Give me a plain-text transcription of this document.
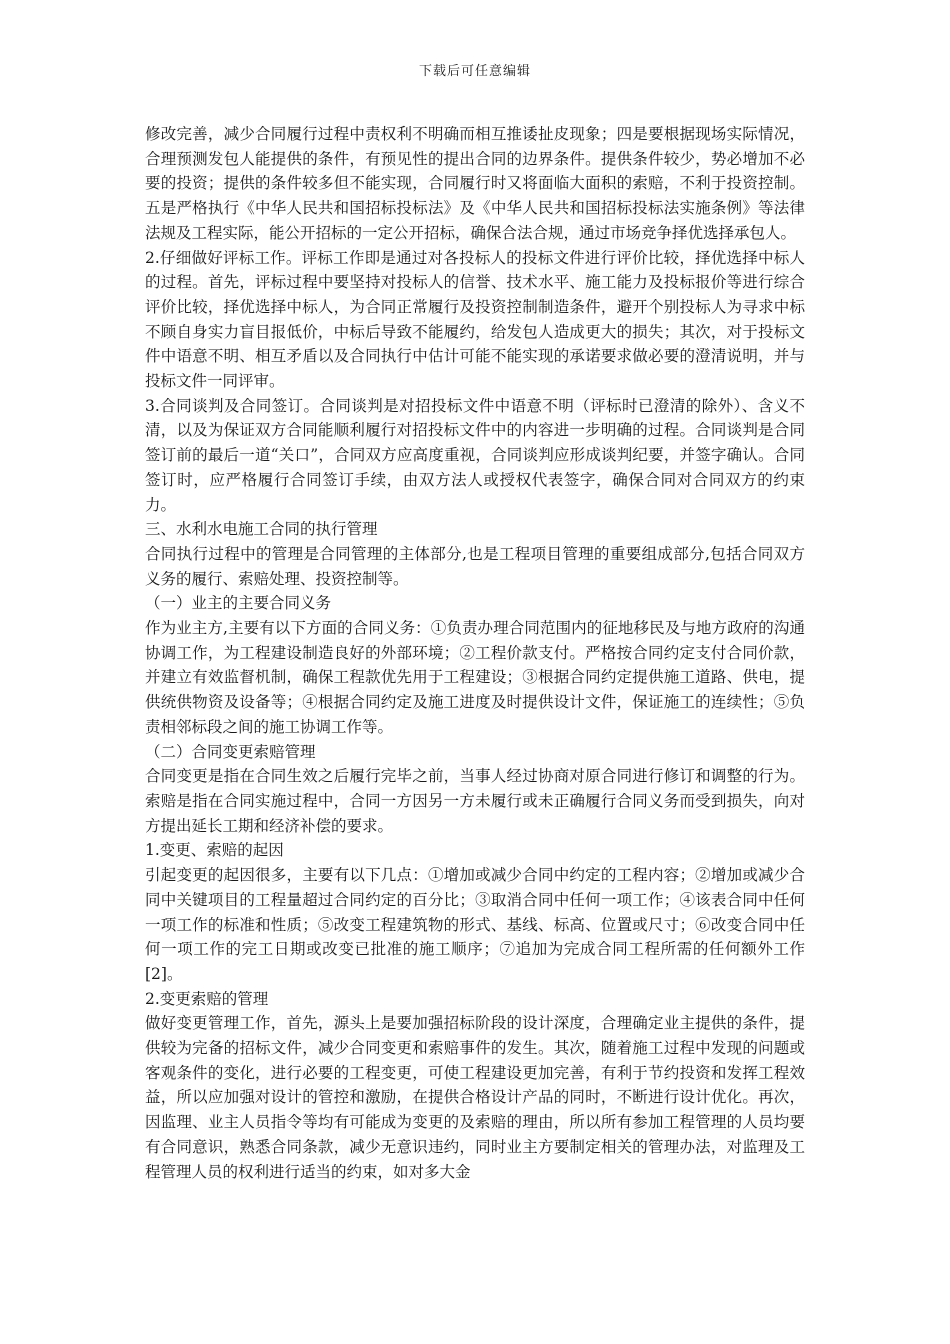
下载后可任意编辑

修改完善，减少合同履行过程中责权利不明确而相互推诿扯皮现象；四是要根据现场实际情况，合理预测发包人能提供的条件，有预见性的提出合同的边界条件。提供条件较少，势必增加不必要的投资；提供的条件较多但不能实现，合同履行时又将面临大面积的索赔，不利于投资控制。五是严格执行《中华人民共和国招标投标法》及《中华人民共和国招标投标法实施条例》等法律法规及工程实际，能公开招标的一定公开招标，确保合法合规，通过市场竞争择优选择承包人。

2.仔细做好评标工作。评标工作即是通过对各投标人的投标文件进行评价比较，择优选择中标人的过程。首先，评标过程中要坚持对投标人的信誉、技术水平、施工能力及投标报价等进行综合评价比较，择优选择中标人，为合同正常履行及投资控制制造条件，避开个别投标人为寻求中标不顾自身实力盲目报低价，中标后导致不能履约，给发包人造成更大的损失；其次，对于投标文件中语意不明、相互矛盾以及合同执行中估计可能不能实现的承诺要求做必要的澄清说明，并与投标文件一同评审。

3.合同谈判及合同签订。合同谈判是对招投标文件中语意不明（评标时已澄清的除外）、含义不清，以及为保证双方合同能顺利履行对招投标文件中的内容进一步明确的过程。合同谈判是合同签订前的最后一道“关口”，合同双方应高度重视，合同谈判应形成谈判纪要，并签字确认。合同签订时，应严格履行合同签订手续，由双方法人或授权代表签字，确保合同对合同双方的约束力。

三、水利水电施工合同的执行管理

合同执行过程中的管理是合同管理的主体部分,也是工程项目管理的重要组成部分,包括合同双方义务的履行、索赔处理、投资控制等。

（一）业主的主要合同义务

作为业主方,主要有以下方面的合同义务：①负责办理合同范围内的征地移民及与地方政府的沟通协调工作，为工程建设制造良好的外部环境；②工程价款支付。严格按合同约定支付合同价款，并建立有效监督机制，确保工程款优先用于工程建设；③根据合同约定提供施工道路、供电，提供统供物资及设备等；④根据合同约定及施工进度及时提供设计文件，保证施工的连续性；⑤负责相邻标段之间的施工协调工作等。

（二）合同变更索赔管理

合同变更是指在合同生效之后履行完毕之前，当事人经过协商对原合同进行修订和调整的行为。索赔是指在合同实施过程中，合同一方因另一方未履行或未正确履行合同义务而受到损失，向对方提出延长工期和经济补偿的要求。

1.变更、索赔的起因

引起变更的起因很多，主要有以下几点：①增加或减少合同中约定的工程内容；②增加或减少合同中关键项目的工程量超过合同约定的百分比；③取消合同中任何一项工作；④该表合同中任何一项工作的标准和性质；⑤改变工程建筑物的形式、基线、标高、位置或尺寸；⑥改变合同中任何一项工作的完工日期或改变已批准的施工顺序；⑦追加为完成合同工程所需的任何额外工作[2]。

2.变更索赔的管理

做好变更管理工作，首先，源头上是要加强招标阶段的设计深度，合理确定业主提供的条件，提供较为完备的招标文件，减少合同变更和索赔事件的发生。其次，随着施工过程中发现的问题或客观条件的变化，进行必要的工程变更，可使工程建设更加完善，有利于节约投资和发挥工程效益，所以应加强对设计的管控和激励，在提供合格设计产品的同时，不断进行设计优化。再次，因监理、业主人员指令等均有可能成为变更的及索赔的理由，所以所有参加工程管理的人员均要有合同意识，熟悉合同条款，减少无意识违约，同时业主方要制定相关的管理办法，对监理及工程管理人员的权利进行适当的约束，如对多大金
